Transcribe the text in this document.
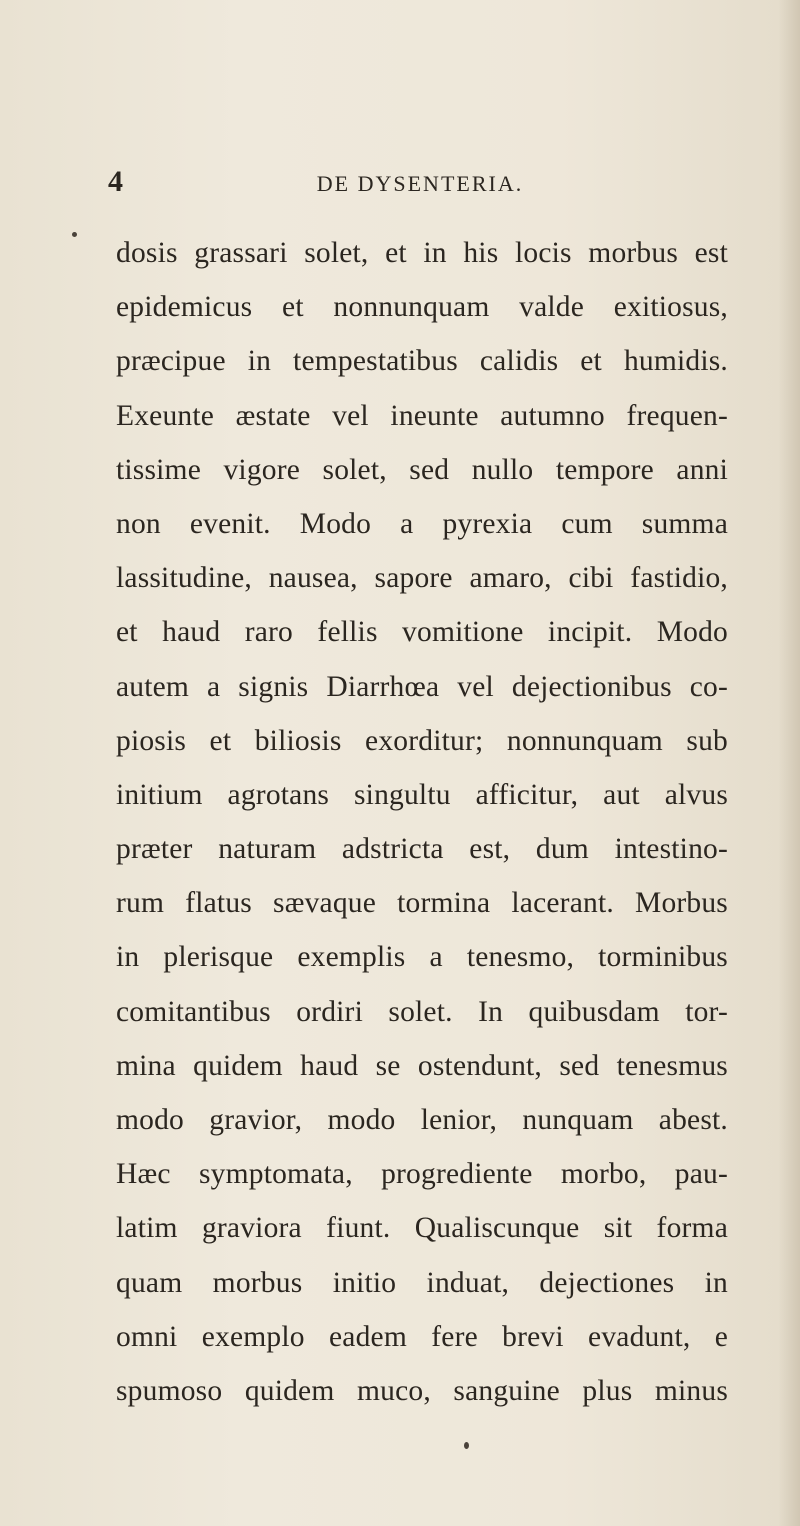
4	DE DYSENTERIA.
dosis grassari solet, et in his locis morbus est
epidemicus et nonnunquam valde exitiosus,
præcipue in tempestatibus calidis et humidis.
Exeunte æstate vel ineunte autumno frequen-
tissime vigore solet, sed nullo tempore anni
non evenit. Modo a pyrexia cum summa
lassitudine, nausea, sapore amaro, cibi fastidio,
et haud raro fellis vomitione incipit. Modo
autem a signis Diarrhœa vel dejectionibus co-
piosis et biliosis exorditur; nonnunquam sub
initium agrotans singultu afficitur, aut alvus
præter naturam adstricta est, dum intestino-
rum flatus sævaque tormina lacerant. Morbus
in plerisque exemplis a tenesmo, torminibus
comitantibus ordiri solet. In quibusdam tor-
mina quidem haud se ostendunt, sed tenesmus
modo gravior, modo lenior, nunquam abest.
Hæc symptomata, progrediente morbo, pau-
latim graviora fiunt. Qualiscunque sit forma
quam morbus initio induat, dejectiones in
omni exemplo eadem fere brevi evadunt, e
spumoso quidem muco, sanguine plus minus
